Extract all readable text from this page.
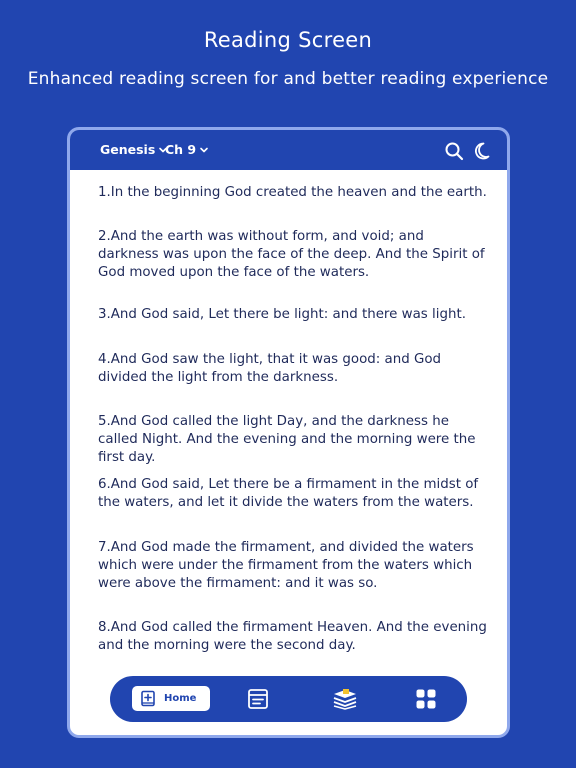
Reading Screen
Enhanced reading screen for and better reading experience
Genesis Ch 9
1.In the beginning God created the heaven and the earth.
2.And the earth was without form, and void; and darkness was upon the face of the deep. And the Spirit of God moved upon the face of the waters.
3.And God said, Let there be light: and there was light.
4.And God saw the light, that it was good: and God divided the light from the darkness.
5.And God called the light Day, and the darkness he called Night. And the evening and the morning were the first day.
6.And God said, Let there be a firmament in the midst of the waters, and let it divide the waters from the waters.
7.And God made the firmament, and divided the waters which were under the firmament from the waters which were above the firmament: and it was so.
8.And God called the firmament Heaven. And the evening and the morning were the second day.
Home
